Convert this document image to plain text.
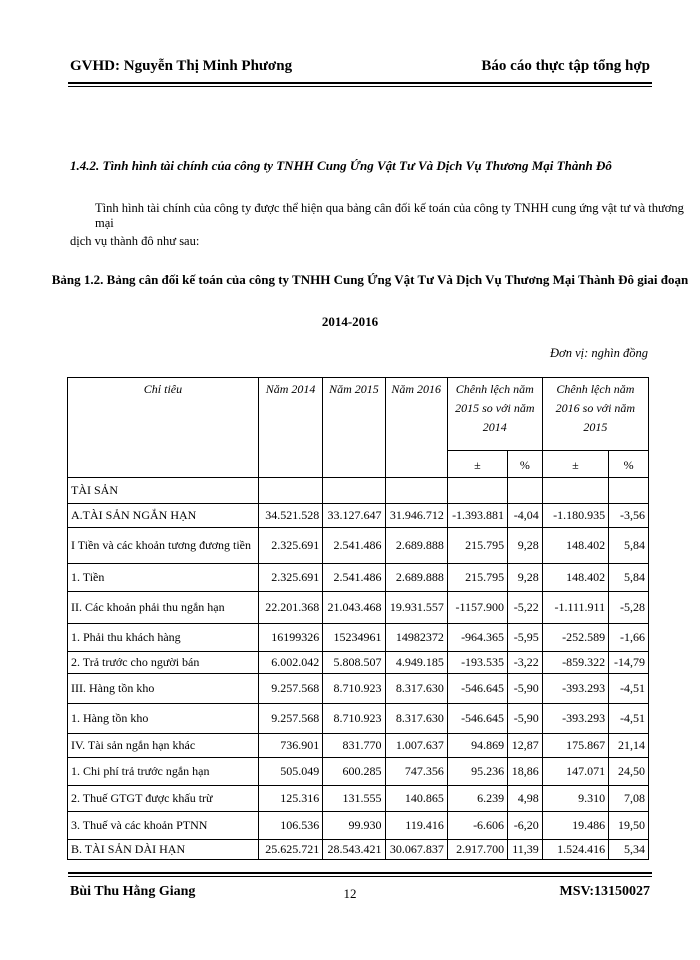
GVHD: Nguyễn Thị Minh Phương	Báo cáo thực tập tổng hợp
1.4.2. Tình hình tài chính của công ty TNHH Cung Ứng Vật Tư Và Dịch Vụ Thương Mại Thành Đô
Tình hình tài chính của công ty được thể hiện qua bảng cân đối kế toán của công ty TNHH cung ứng vật tư và thương mại
dịch vụ thành đô như sau:
Bảng 1.2. Bảng cân đối kế toán của công ty TNHH Cung Ứng Vật Tư Và Dịch Vụ Thương Mại Thành Đô giai đoạn
2014-2016
Đơn vị: nghìn đồng
Chỉ tiêu	Năm 2014	Năm 2015	Năm 2016	Chênh lệch năm 2015 so với năm 2014		Chênh lệch năm 2016 so với năm 2015	
				±	%	±	%
TÀI SẢN							
A.TÀI SẢN NGẮN HẠN	34.521.528	33.127.647	31.946.712	-1.393.881	-4,04	-1.180.935	-3,56
I Tiền và các khoản tương đương tiền	2.325.691	2.541.486	2.689.888	215.795	9,28	148.402	5,84
1. Tiền	2.325.691	2.541.486	2.689.888	215.795	9,28	148.402	5,84
II. Các khoản phải thu ngắn hạn	22.201.368	21.043.468	19.931.557	-1157.900	-5,22	-1.111.911	-5,28
1. Phải thu khách hàng	16199326	15234961	14982372	-964.365	-5,95	-252.589	-1,66
2. Trả trước cho người bán	6.002.042	5.808.507	4.949.185	-193.535	-3,22	-859.322	-14,79
III. Hàng tồn kho	9.257.568	8.710.923	8.317.630	-546.645	-5,90	-393.293	-4,51
1. Hàng tồn kho	9.257.568	8.710.923	8.317.630	-546.645	-5,90	-393.293	-4,51
IV. Tài sản ngắn hạn khác	736.901	831.770	1.007.637	94.869	12,87	175.867	21,14
1. Chi phí trả trước ngắn hạn	505.049	600.285	747.356	95.236	18,86	147.071	24,50
2. Thuế GTGT được khấu trừ	125.316	131.555	140.865	6.239	4,98	9.310	7,08
3. Thuế và các khoản PTNN	106.536	99.930	119.416	-6.606	-6,20	19.486	19,50
B. TÀI SẢN DÀI HẠN	25.625.721	28.543.421	30.067.837	2.917.700	11,39	1.524.416	5,34
Bùi Thu Hằng Giang	12	MSV:13150027
